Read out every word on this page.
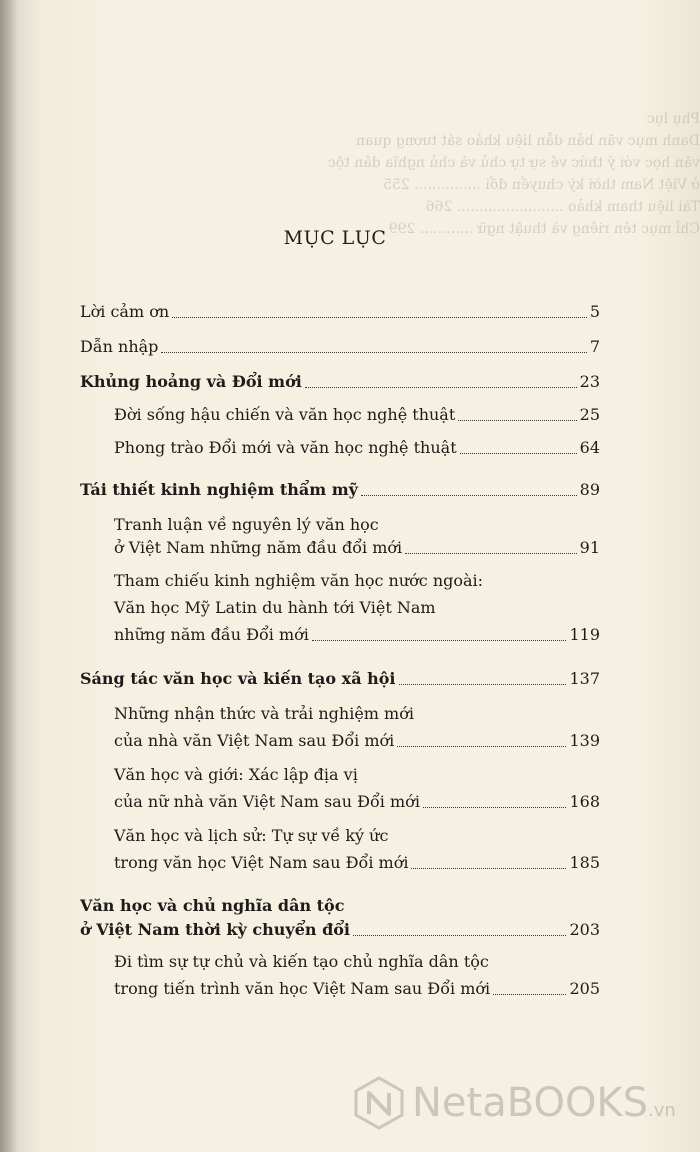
Phụ lục
Danh mục văn bản dẫn liệu khảo sát tương quan
văn học với ý thức về sự tự chủ và chủ nghĩa dân tộc
ở Việt Nam thời kỳ chuyển đổi ............... 255
Tài liệu tham khảo ........................ 266
Chỉ mục tên riêng và thuật ngữ ............ 299
MỤC LỤC
Lời cảm ơn	5
Dẫn nhập	7
Khủng hoảng và Đổi mới	23
Đời sống hậu chiến và văn học nghệ thuật	25
Phong trào Đổi mới và văn học nghệ thuật	64
Tái thiết kinh nghiệm thẩm mỹ	89
Tranh luận về nguyên lý văn học
ở Việt Nam những năm đầu đổi mới	91
Tham chiếu kinh nghiệm văn học nước ngoài:
Văn học Mỹ Latin du hành tới Việt Nam
những năm đầu Đổi mới	119
Sáng tác văn học và kiến tạo xã hội	137
Những nhận thức và trải nghiệm mới
của nhà văn Việt Nam sau Đổi mới	139
Văn học và giới: Xác lập địa vị
của nữ nhà văn Việt Nam sau Đổi mới	168
Văn học và lịch sử: Tự sự về ký ức
trong văn học Việt Nam sau Đổi mới	185
Văn học và chủ nghĩa dân tộc
ở Việt Nam thời kỳ chuyển đổi	203
Đi tìm sự tự chủ và kiến tạo chủ nghĩa dân tộc
trong tiến trình văn học Việt Nam sau Đổi mới	205
NetaBOOKS.vn
